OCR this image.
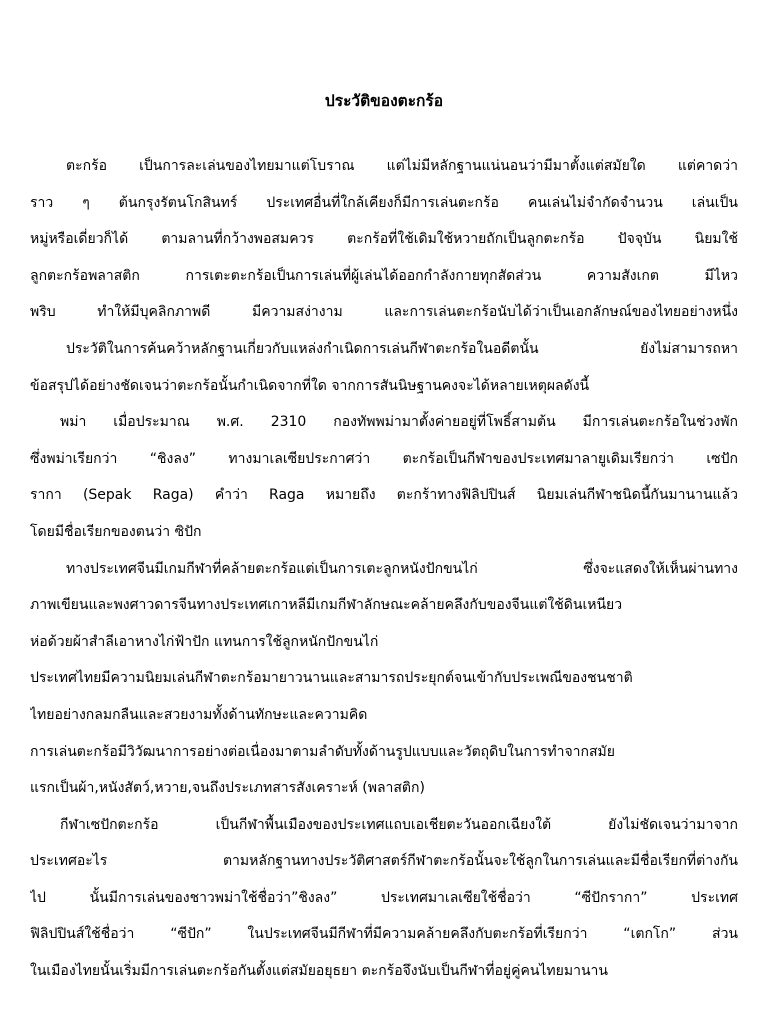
ประวัติของตะกร้อ
ตะกร้อ เป็นการละเล่นของไทยมาแต่โบราณ แต่ไม่มีหลักฐานแน่นอนว่ามีมาตั้งแต่สมัยใด แต่คาดว่า
ราว ๆ ต้นกรุงรัตนโกสินทร์ ประเทศอื่นที่ใกล้เคียงก็มีการเล่นตะกร้อ คนเล่นไม่จำกัดจำนวน เล่นเป็น
หมู่หรือเดี่ยวก็ได้ ตามลานที่กว้างพอสมควร ตะกร้อที่ใช้เดิมใช้หวายถักเป็นลูกตะกร้อ ปัจจุบัน นิยมใช้
ลูกตะกร้อพลาสติก การเตะตะกร้อเป็นการเล่นที่ผู้เล่นได้ออกกำลังกายทุกสัดส่วน ความสังเกต มีไหว
พริบ ทำให้มีบุคลิกภาพดี มีความสง่างาม และการเล่นตะกร้อนับได้ว่าเป็นเอกลักษณ์ของไทยอย่างหนึ่ง
ประวัติในการค้นคว้าหลักฐานเกี่ยวกับแหล่งกำเนิดการเล่นกีฬาตะกร้อในอดีตนั้น ยังไม่สามารถหา
ข้อสรุปได้อย่างชัดเจนว่าตะกร้อนั้นกำเนิดจากที่ใด จากการสันนิษฐานคงจะได้หลายเหตุผลดังนี้
พม่า เมื่อประมาณ พ.ศ. 2310 กองทัพพม่ามาตั้งค่ายอยู่ที่โพธิ์สามต้น มีการเล่นตะกร้อในช่วงพัก
ซึ่งพม่าเรียกว่า “ชิงลง” ทางมาเลเซียประกาศว่า ตะกร้อเป็นกีฬาของประเทศมาลายูเดิมเรียกว่า เซปัก
รากา (Sepak Raga) คำว่า Raga หมายถึง ตะกร้าทางฟิลิปปินส์ นิยมเล่นกีฬาชนิดนี้กันมานานแล้ว
โดยมีชื่อเรียกของตนว่า ซิปัก
ทางประเทศจีนมีเกมกีฬาที่คล้ายตะกร้อแต่เป็นการเตะลูกหนังปักขนไก่ ซึ่งจะแสดงให้เห็นผ่านทาง
ภาพเขียนและพงศาวดารจีนทางประเทศเกาหลีมีเกมกีฬาลักษณะคล้ายคลึงกับของจีนแต่ใช้ดินเหนียว
ห่อด้วยผ้าสำลีเอาหางไก่ฟ้าปัก แทนการใช้ลูกหนักปักขนไก่
ประเทศไทยมีความนิยมเล่นกีฬาตะกร้อมายาวนานและสามารถประยุกต์จนเข้ากับประเพณีของชนชาติ
ไทยอย่างกลมกลืนและสวยงามทั้งด้านทักษะและความคิด
การเล่นตะกร้อมีวิวัฒนาการอย่างต่อเนื่องมาตามลำดับทั้งด้านรูปแบบและวัตถุดิบในการทำจากสมัย
แรกเป็นผ้า,หนังสัตว์,หวาย,จนถึงประเภทสารสังเคราะห์ (พลาสติก)
กีฬาเซปักตะกร้อ เป็นกีฬาพื้นเมืองของประเทศแถบเอเชียตะวันออกเฉียงใต้ ยังไม่ชัดเจนว่ามาจาก
ประเทศอะไร ตามหลักฐานทางประวัติศาสตร์กีฬาตะกร้อนั้นจะใช้ลูกในการเล่นและมีชื่อเรียกที่ต่างกัน
ไป นั้นมีการเล่นของชาวพม่าใช้ชื่อว่า”ชิงลง” ประเทศมาเลเซียใช้ชื่อว่า “ซีปักรากา” ประเทศ
ฟิลิปปินส์ใช้ชื่อว่า “ซีปัก” ในประเทศจีนมีกีฬาที่มีความคล้ายคลึงกับตะกร้อที่เรียกว่า “เตกโก” ส่วน
ในเมืองไทยนั้นเริ่มมีการเล่นตะกร้อกันตั้งแต่สมัยอยุธยา ตะกร้อจึงนับเป็นกีฬาที่อยู่คู่คนไทยมานาน
